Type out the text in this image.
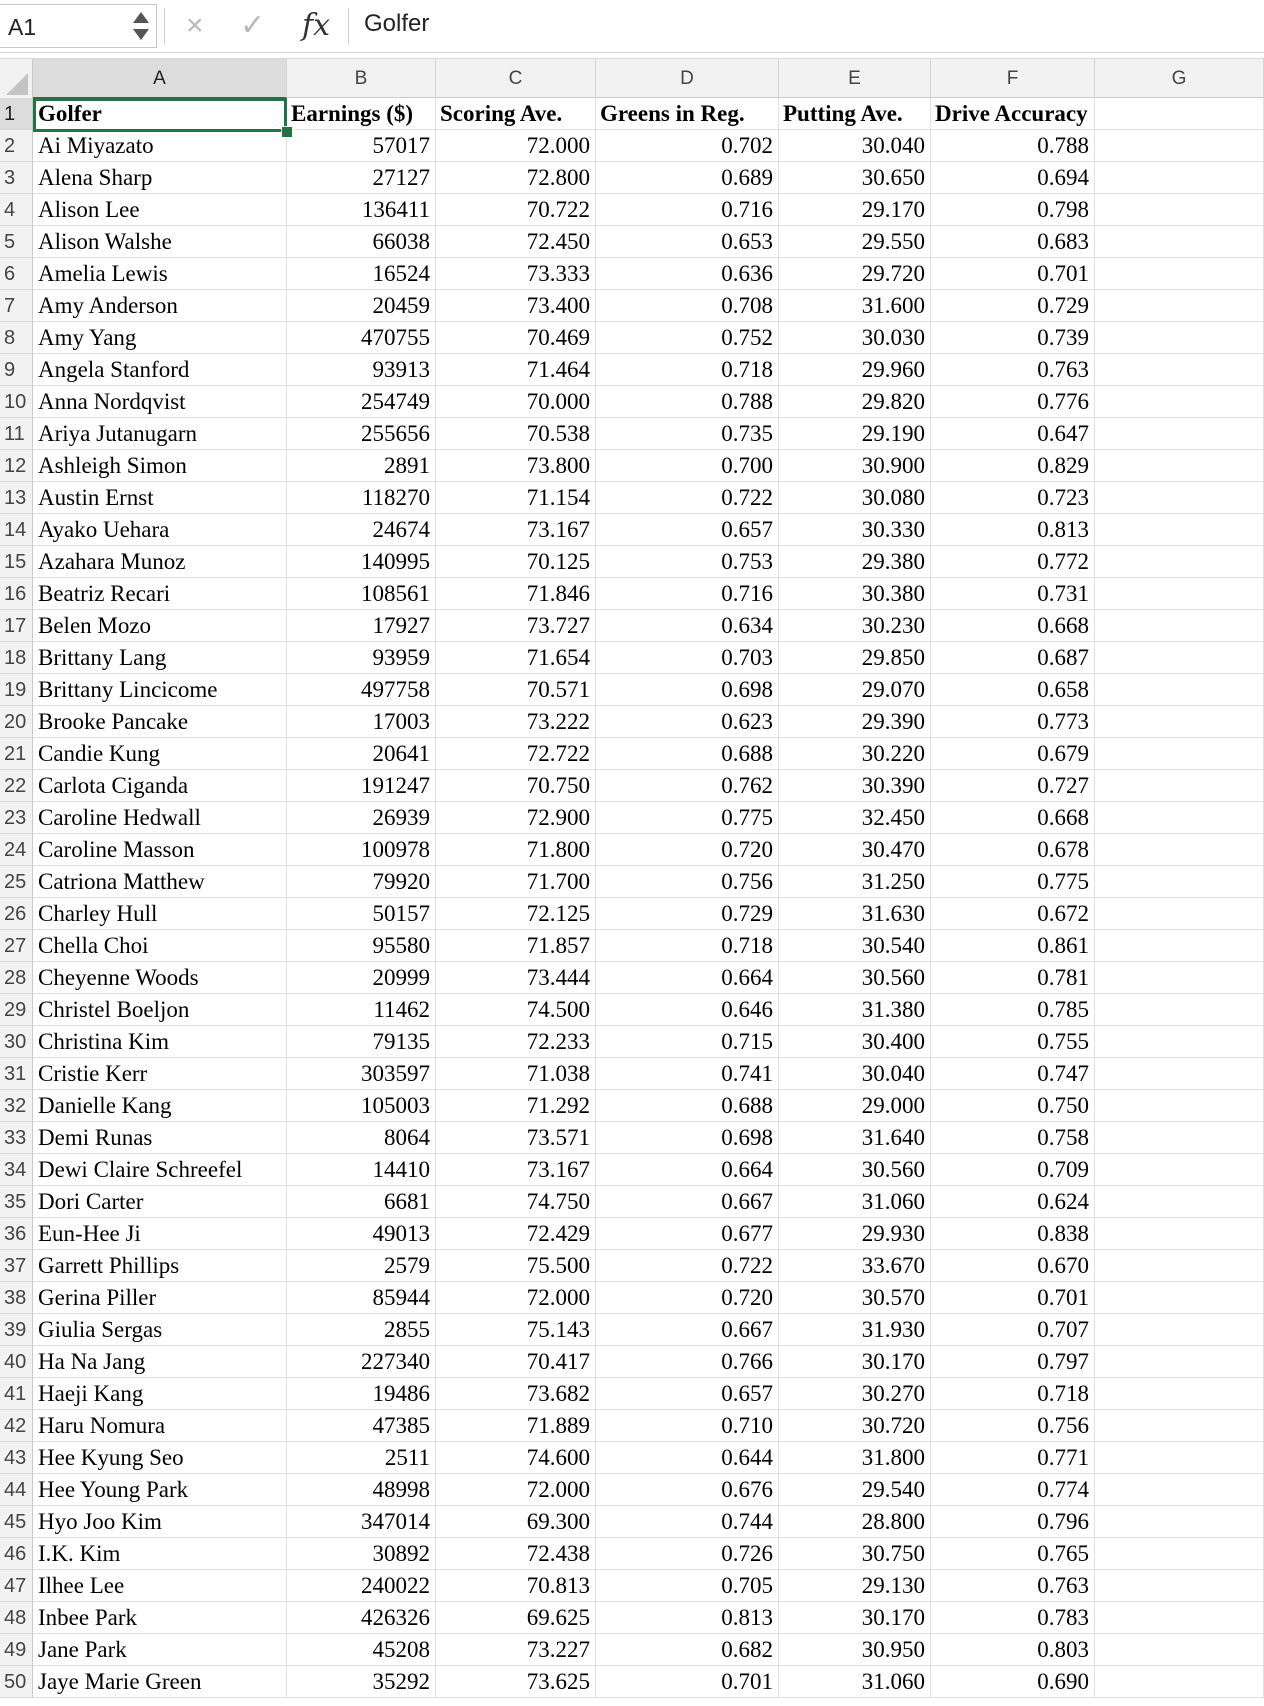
A1	× ✓ fx Golfer
A	B	C	D	E	F	G
1 Golfer	Earnings ($)	Scoring Ave.	Greens in Reg.	Putting Ave.	Drive Accuracy
2 Ai Miyazato	57017	72.000	0.702	30.040	0.788
3 Alena Sharp	27127	72.800	0.689	30.650	0.694
4 Alison Lee	136411	70.722	0.716	29.170	0.798
5 Alison Walshe	66038	72.450	0.653	29.550	0.683
6 Amelia Lewis	16524	73.333	0.636	29.720	0.701
7 Amy Anderson	20459	73.400	0.708	31.600	0.729
8 Amy Yang	470755	70.469	0.752	30.030	0.739
9 Angela Stanford	93913	71.464	0.718	29.960	0.763
10 Anna Nordqvist	254749	70.000	0.788	29.820	0.776
11 Ariya Jutanugarn	255656	70.538	0.735	29.190	0.647
12 Ashleigh Simon	2891	73.800	0.700	30.900	0.829
13 Austin Ernst	118270	71.154	0.722	30.080	0.723
14 Ayako Uehara	24674	73.167	0.657	30.330	0.813
15 Azahara Munoz	140995	70.125	0.753	29.380	0.772
16 Beatriz Recari	108561	71.846	0.716	30.380	0.731
17 Belen Mozo	17927	73.727	0.634	30.230	0.668
18 Brittany Lang	93959	71.654	0.703	29.850	0.687
19 Brittany Lincicome	497758	70.571	0.698	29.070	0.658
20 Brooke Pancake	17003	73.222	0.623	29.390	0.773
21 Candie Kung	20641	72.722	0.688	30.220	0.679
22 Carlota Ciganda	191247	70.750	0.762	30.390	0.727
23 Caroline Hedwall	26939	72.900	0.775	32.450	0.668
24 Caroline Masson	100978	71.800	0.720	30.470	0.678
25 Catriona Matthew	79920	71.700	0.756	31.250	0.775
26 Charley Hull	50157	72.125	0.729	31.630	0.672
27 Chella Choi	95580	71.857	0.718	30.540	0.861
28 Cheyenne Woods	20999	73.444	0.664	30.560	0.781
29 Christel Boeljon	11462	74.500	0.646	31.380	0.785
30 Christina Kim	79135	72.233	0.715	30.400	0.755
31 Cristie Kerr	303597	71.038	0.741	30.040	0.747
32 Danielle Kang	105003	71.292	0.688	29.000	0.750
33 Demi Runas	8064	73.571	0.698	31.640	0.758
34 Dewi Claire Schreefel	14410	73.167	0.664	30.560	0.709
35 Dori Carter	6681	74.750	0.667	31.060	0.624
36 Eun-Hee Ji	49013	72.429	0.677	29.930	0.838
37 Garrett Phillips	2579	75.500	0.722	33.670	0.670
38 Gerina Piller	85944	72.000	0.720	30.570	0.701
39 Giulia Sergas	2855	75.143	0.667	31.930	0.707
40 Ha Na Jang	227340	70.417	0.766	30.170	0.797
41 Haeji Kang	19486	73.682	0.657	30.270	0.718
42 Haru Nomura	47385	71.889	0.710	30.720	0.756
43 Hee Kyung Seo	2511	74.600	0.644	31.800	0.771
44 Hee Young Park	48998	72.000	0.676	29.540	0.774
45 Hyo Joo Kim	347014	69.300	0.744	28.800	0.796
46 I.K. Kim	30892	72.438	0.726	30.750	0.765
47 Ilhee Lee	240022	70.813	0.705	29.130	0.763
48 Inbee Park	426326	69.625	0.813	30.170	0.783
49 Jane Park	45208	73.227	0.682	30.950	0.803
50 Jaye Marie Green	35292	73.625	0.701	31.060	0.690
